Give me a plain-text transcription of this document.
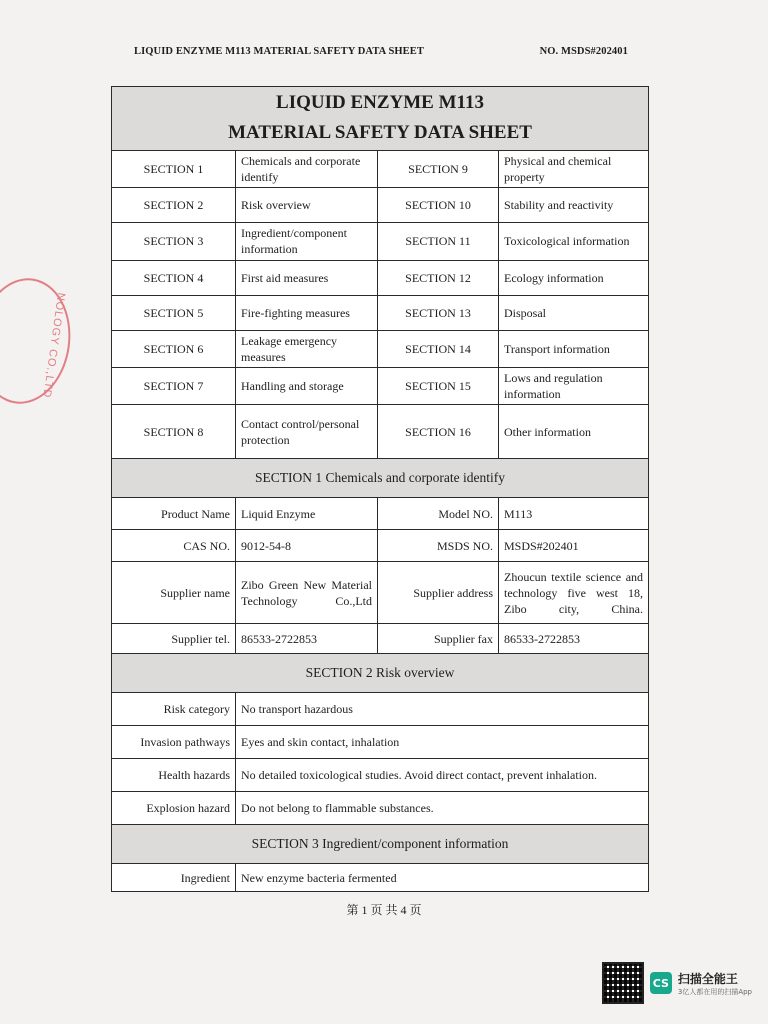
LIQUID ENZYME M113 MATERIAL SAFETY DATA SHEET	NO. MSDS#202401
NOLOGY CO.,LTD
LIQUID ENZYME M113
MATERIAL SAFETY DATA SHEET			

SECTION 1	Chemicals and corporate identify	SECTION 9	Physical and chemical property
SECTION 2	Risk overview	SECTION 10	Stability and reactivity
SECTION 3	Ingredient/component information	SECTION 11	Toxicological information
SECTION 4	First aid measures	SECTION 12	Ecology information
SECTION 5	Fire-fighting measures	SECTION 13	Disposal
SECTION 6	Leakage emergency measures	SECTION 14	Transport information
SECTION 7	Handling and storage	SECTION 15	Lows and regulation information
SECTION 8	Contact control/personal protection	SECTION 16	Other information
SECTION 1 Chemicals and corporate identify			
Product Name	Liquid Enzyme	Model NO.	M113
CAS NO.	9012-54-8	MSDS NO.	MSDS#202401
Supplier name	Zibo Green New Material Technology Co.,Ltd	Supplier address	Zhoucun textile science and technology five west 18, Zibo city, China.
Supplier tel.	86533-2722853	Supplier fax	86533-2722853
SECTION 2 Risk overview			
Risk category	No transport hazardous		
Invasion pathways	Eyes and skin contact, inhalation		
Health hazards	No detailed toxicological studies. Avoid direct contact, prevent inhalation.		
Explosion hazard	Do not belong to flammable substances.		
SECTION 3 Ingredient/component information			
Ingredient	New enzyme bacteria fermented		
第 1 页 共 4 页
CS 扫描全能王
3亿人都在用的扫描App
